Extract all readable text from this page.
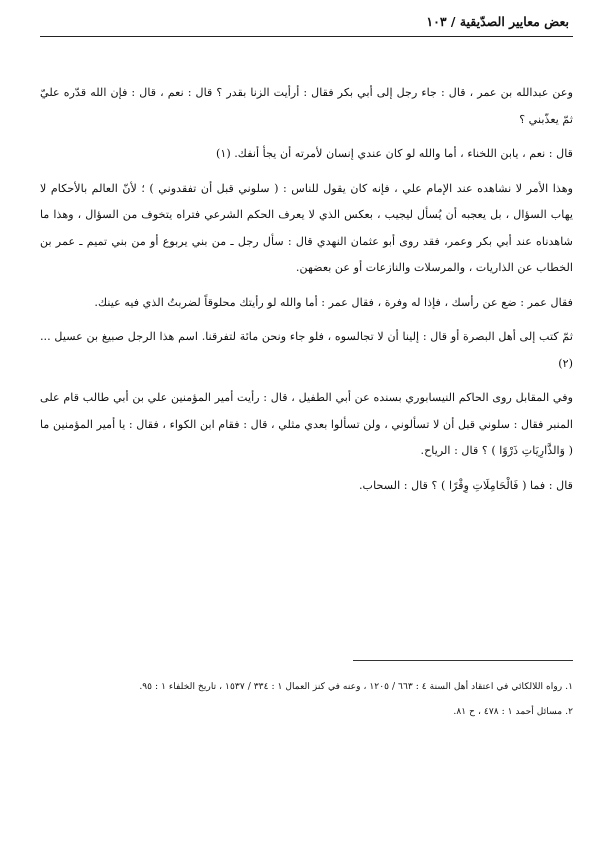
بعض معايير الصدّيقية / ١٠٣

وعن عبدالله بن عمر ، قال : جاء رجل إلى أبي بكر فقال : أرأيت الزنا بقدر ؟ قال : نعم ، قال : فإن الله قدّره عليّ ثمّ يعذّبني ؟

قال : نعم ، يابن اللخناء ، أما والله لو كان عندي إنسان لأمرته أن يجأ أنفك. (١)

وهذا الأمر لا نشاهده عند الإمام علي ، فإنه كان يقول للناس : ( سلوني قبل أن تفقدوني ) ؛ لأنّ العالم بالأحكام لا يهاب السؤال ، بل يعجبه أن يُسأل ليجيب ، بعكس الذي لا يعرف الحكم الشرعي فتراه يتخوف من السؤال ، وهذا ما شاهدناه عند أبي بكر وعمر، فقد روى أبو عثمان النهدي قال : سأل رجل ـ من بني يربوع أو من بني تميم ـ عمر بن الخطاب عن الذاريات ، والمرسلات والنازعات أو عن بعضهن.

فقال عمر : ضع عن رأسك ، فإذا له وفرة ، فقال عمر : أما والله لو رأيتك محلوقاً لضربتُ الذي فيه عينك.

ثمّ كتب إلى أهل البصرة أو قال : إلينا أن لا تجالسوه ، فلو جاء ونحن مائة لتفرقنا. اسم هذا الرجل صبيغ بن عسيل ... (٢)

وفي المقابل روى الحاكم النيسابوري بسنده عن أبي الطفيل ، قال : رأيت أمير المؤمنين علي بن أبي طالب قام على المنبر فقال : سلوني قبل أن لا تسألوني ، ولن تسألوا بعدي مثلي ، قال : فقام ابن الكواء ، فقال : يا أمير المؤمنين ما ( وَالذَّارِيَاتِ ذَرْوًا ) ؟ قال : الرياح.

قال : فما ( فَالْحَامِلَاتِ وِقْرًا ) ؟ قال : السحاب.

١. رواه اللالكائي في اعتقاد أهل السنة ٤ : ٦٦٣ / ١٢٠٥ ، وعنه في كنز العمال ١ : ٣٣٤ / ١٥٣٧ ، تاريخ الخلفاء ١ : ٩٥.

٢. مسائل أحمد ١ : ٤٧٨ ، ح ٨١.
